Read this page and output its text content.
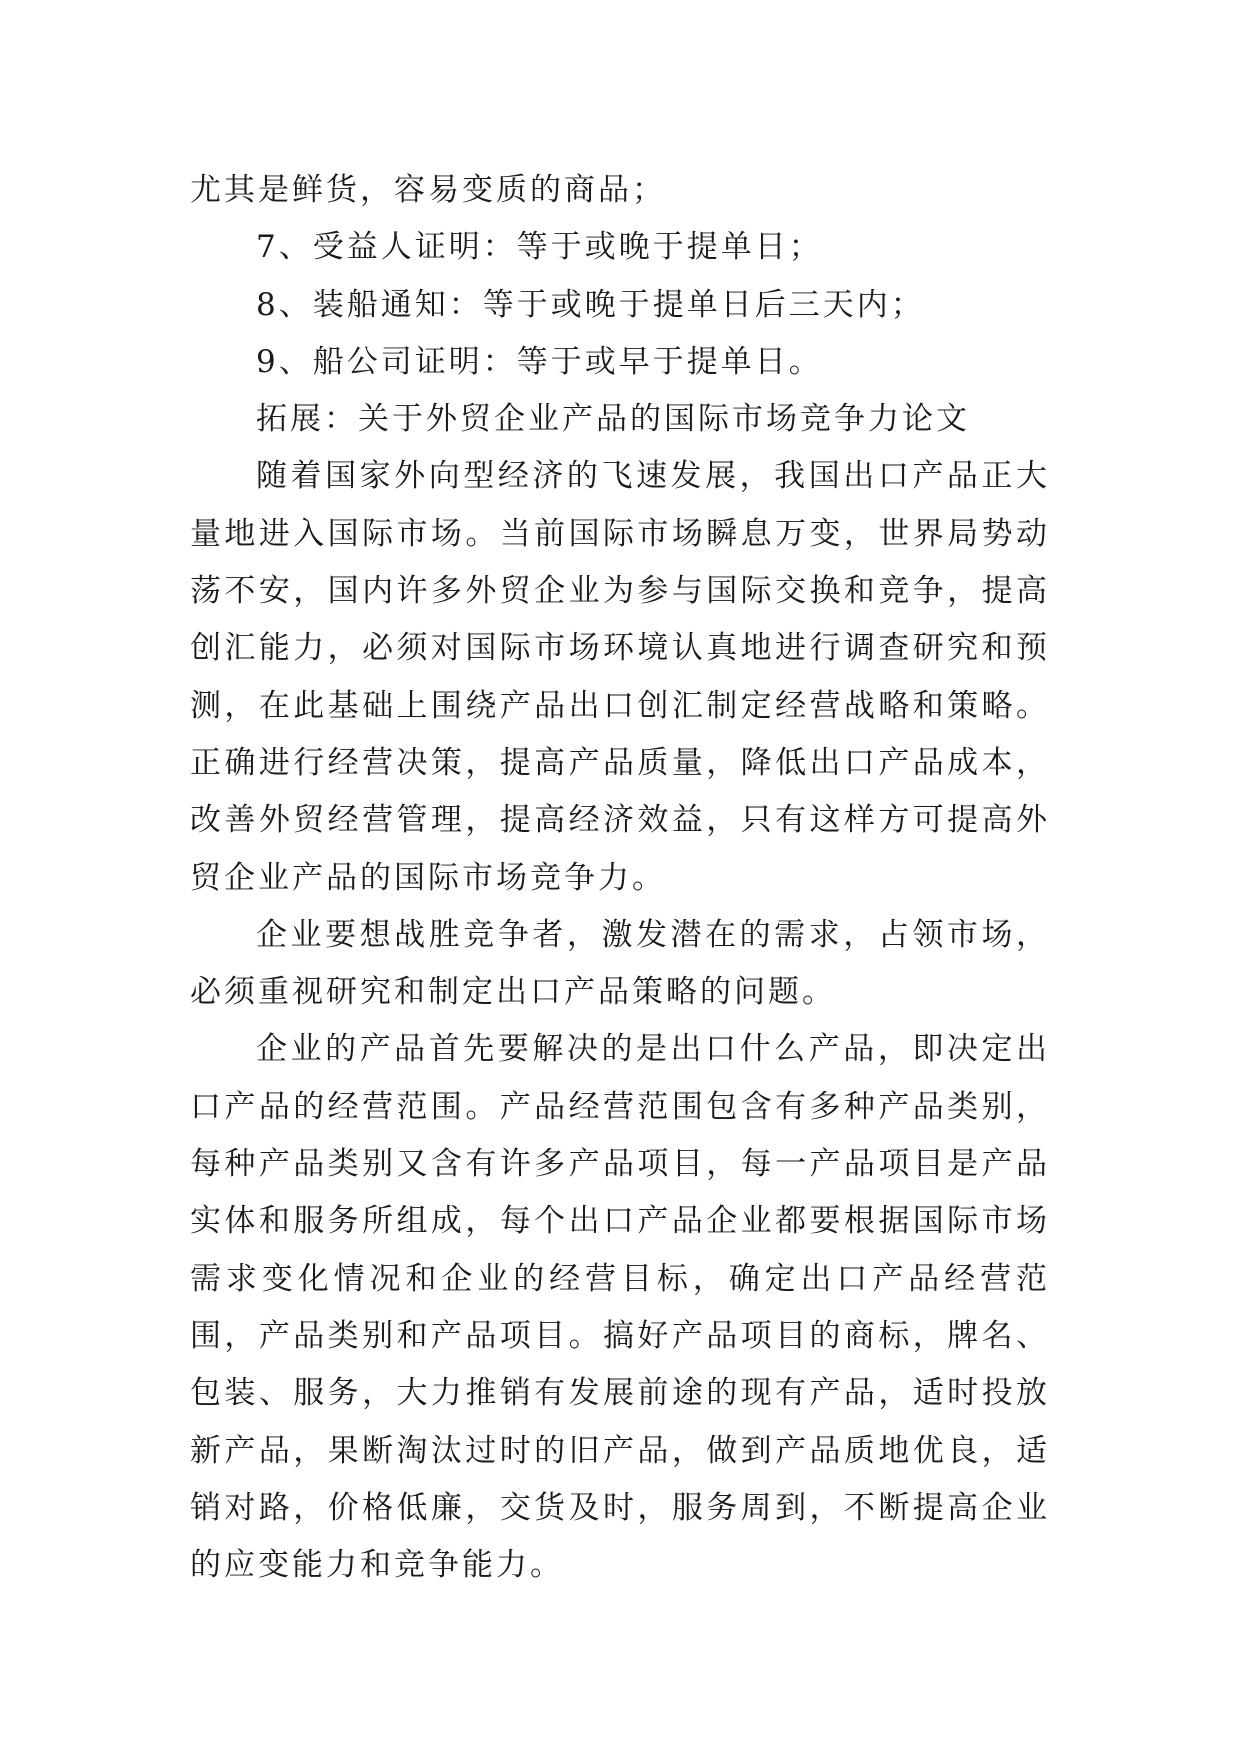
尤其是鲜货，容易变质的商品；

7、受益人证明：等于或晚于提单日；

8、装船通知：等于或晚于提单日后三天内；

9、船公司证明：等于或早于提单日。

拓展：关于外贸企业产品的国际市场竞争力论文

随着国家外向型经济的飞速发展，我国出口产品正大量地进入国际市场。当前国际市场瞬息万变，世界局势动荡不安，国内许多外贸企业为参与国际交换和竞争，提高创汇能力，必须对国际市场环境认真地进行调查研究和预测，在此基础上围绕产品出口创汇制定经营战略和策略。正确进行经营决策，提高产品质量，降低出口产品成本，改善外贸经营管理，提高经济效益，只有这样方可提高外贸企业产品的国际市场竞争力。

企业要想战胜竞争者，激发潜在的需求，占领市场，必须重视研究和制定出口产品策略的问题。

企业的产品首先要解决的是出口什么产品，即决定出口产品的经营范围。产品经营范围包含有多种产品类别，每种产品类别又含有许多产品项目，每一产品项目是产品实体和服务所组成，每个出口产品企业都要根据国际市场需求变化情况和企业的经营目标，确定出口产品经营范围，产品类别和产品项目。搞好产品项目的商标，牌名、包装、服务，大力推销有发展前途的现有产品，适时投放新产品，果断淘汰过时的旧产品，做到产品质地优良，适销对路，价格低廉，交货及时，服务周到，不断提高企业的应变能力和竞争能力。
